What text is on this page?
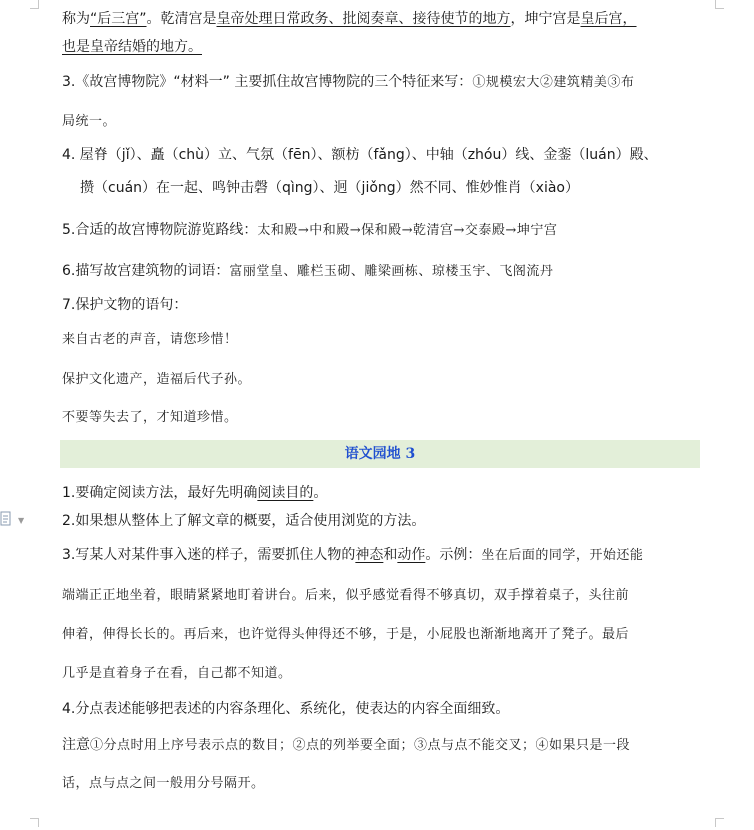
称为“后三宫”。乾清宫是皇帝处理日常政务、批阅奏章、接待使节的地方，坤宁宫是皇后宫，
也是皇帝结婚的地方。
3.《故宫博物院》“材料一” 主要抓住故宫博物院的三个特征来写：①规模宏大②建筑精美③布
局统一。
4. 屋脊（jǐ）、矗（chù）立、气氛（fēn）、额枋（fǎng）、中轴（zhóu）线、金銮（luán）殿、
攒（cuán）在一起、鸣钟击磬（qìng）、迥（jiǒng）然不同、惟妙惟肖（xiào）
5.合适的故宫博物院游览路线：太和殿→中和殿→保和殿→乾清宫→交泰殿→坤宁宫
6.描写故宫建筑物的词语：富丽堂皇、雕栏玉砌、雕梁画栋、琼楼玉宇、飞阁流丹
7.保护文物的语句：
来自古老的声音，请您珍惜！
保护文化遗产，造福后代子孙。
不要等失去了，才知道珍惜。
语文园地 3
▼
1.要确定阅读方法，最好先明确阅读目的。
2.如果想从整体上了解文章的概要，适合使用浏览的方法。
3.写某人对某件事入迷的样子，需要抓住人物的神态和动作。示例：坐在后面的同学，开始还能
端端正正地坐着，眼睛紧紧地盯着讲台。后来，似乎感觉看得不够真切，双手撑着桌子，头往前
伸着，伸得长长的。再后来，也许觉得头伸得还不够，于是，小屁股也渐渐地离开了凳子。最后
几乎是直着身子在看，自己都不知道。
4.分点表述能够把表述的内容条理化、系统化，使表达的内容全面细致。
注意①分点时用上序号表示点的数目；②点的列举要全面；③点与点不能交叉；④如果只是一段
话，点与点之间一般用分号隔开。
